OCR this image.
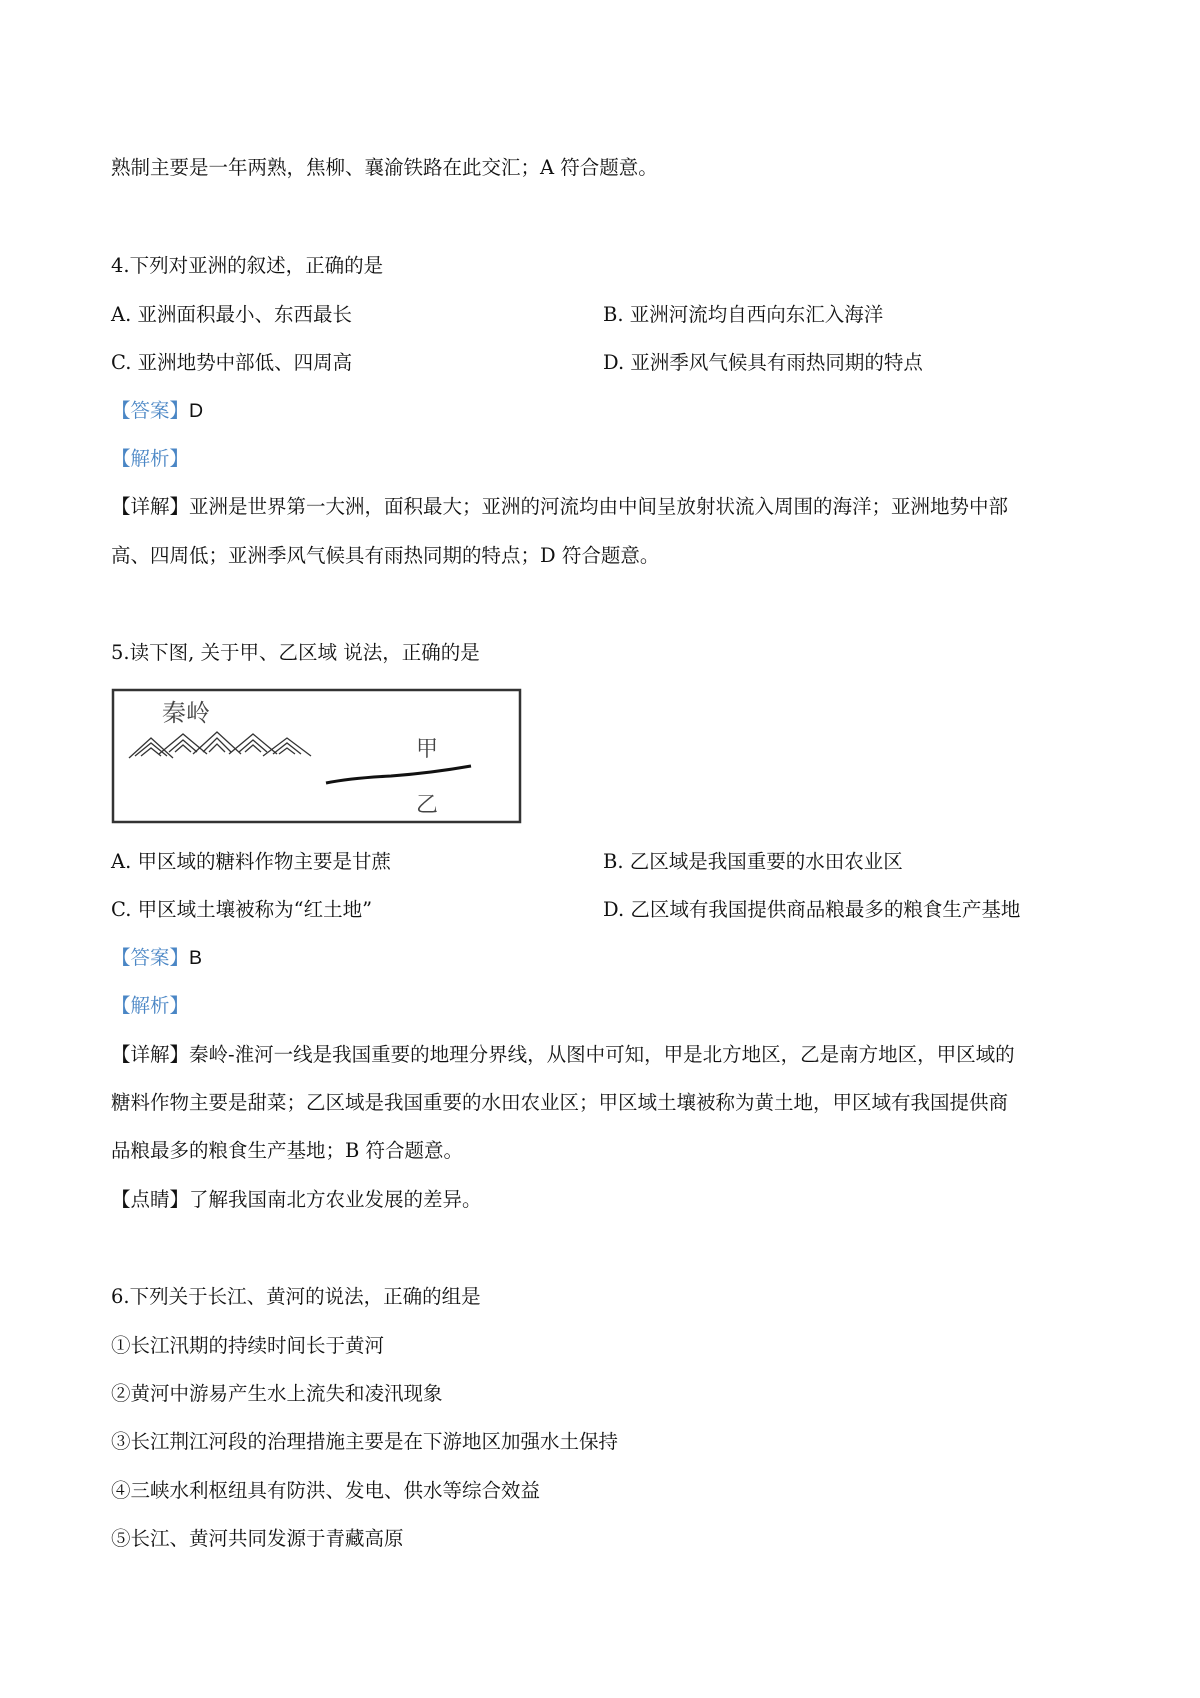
熟制主要是一年两熟，焦柳、襄渝铁路在此交汇；A 符合题意。
4.下列对亚洲的叙述，正确的是
A. 亚洲面积最小、东西最长	B. 亚洲河流均自西向东汇入海洋
C. 亚洲地势中部低、四周高	D. 亚洲季风气候具有雨热同期的特点
【答案】D
【解析】
【详解】亚洲是世界第一大洲，面积最大；亚洲的河流均由中间呈放射状流入周围的海洋；亚洲地势中部
高、四周低；亚洲季风气候具有雨热同期的特点；D 符合题意。
5.读下图, 关于甲、乙区域 说法，正确的是
秦岭
甲
乙
A. 甲区域的糖料作物主要是甘蔗	B. 乙区域是我国重要的水田农业区
C. 甲区域土壤被称为“红土地”	D. 乙区域有我国提供商品粮最多的粮食生产基地
【答案】B
【解析】
【详解】秦岭-淮河一线是我国重要的地理分界线，从图中可知，甲是北方地区，乙是南方地区，甲区域的
糖料作物主要是甜菜；乙区域是我国重要的水田农业区；甲区域土壤被称为黄土地，甲区域有我国提供商
品粮最多的粮食生产基地；B 符合题意。
【点睛】了解我国南北方农业发展的差异。
6.下列关于长江、黄河的说法，正确的组是
①长江汛期的持续时间长于黄河
②黄河中游易产生水上流失和凌汛现象
③长江荆江河段的治理措施主要是在下游地区加强水土保持
④三峡水利枢纽具有防洪、发电、供水等综合效益
⑤长江、黄河共同发源于青藏高原
